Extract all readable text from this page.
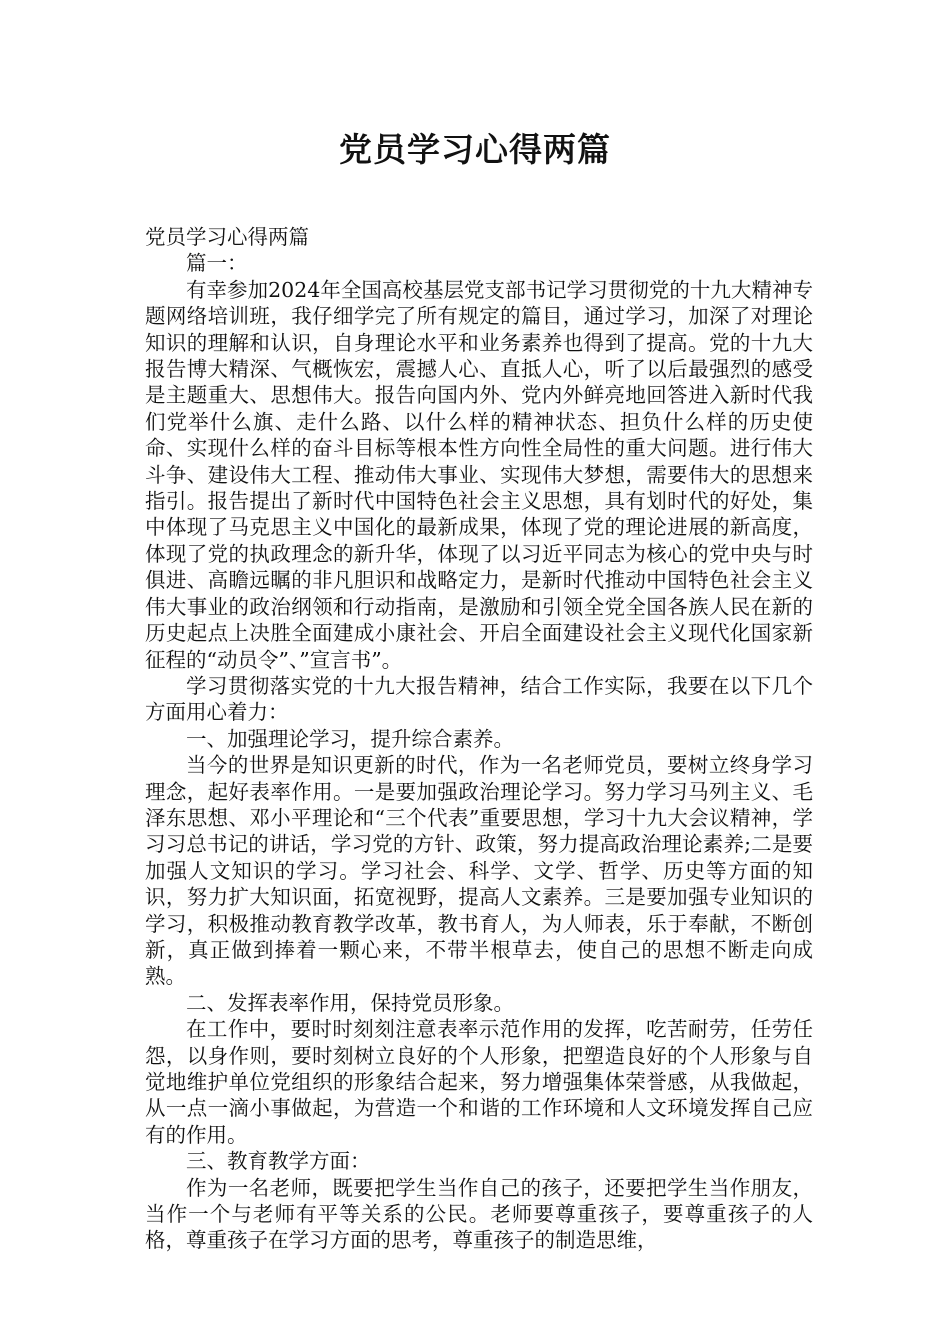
党员学习心得两篇

党员学习心得两篇

篇一：

有幸参加2024年全国高校基层党支部书记学习贯彻党的十九大精神专题网络培训班，我仔细学完了所有规定的篇目，通过学习，加深了对理论知识的理解和认识，自身理论水平和业务素养也得到了提高。党的十九大报告博大精深、气概恢宏，震撼人心、直抵人心，听了以后最强烈的感受是主题重大、思想伟大。报告向国内外、党内外鲜亮地回答进入新时代我们党举什么旗、走什么路、以什么样的精神状态、担负什么样的历史使命、实现什么样的奋斗目标等根本性方向性全局性的重大问题。进行伟大斗争、建设伟大工程、推动伟大事业、实现伟大梦想，需要伟大的思想来指引。报告提出了新时代中国特色社会主义思想，具有划时代的好处，集中体现了马克思主义中国化的最新成果，体现了党的理论进展的新高度，体现了党的执政理念的新升华，体现了以习近平同志为核心的党中央与时俱进、高瞻远瞩的非凡胆识和战略定力，是新时代推动中国特色社会主义伟大事业的政治纲领和行动指南，是激励和引领全党全国各族人民在新的历史起点上决胜全面建成小康社会、开启全面建设社会主义现代化国家新征程的“动员令”、”宣言书”。

学习贯彻落实党的十九大报告精神，结合工作实际，我要在以下几个方面用心着力：

一、加强理论学习，提升综合素养。

当今的世界是知识更新的时代，作为一名老师党员，要树立终身学习理念，起好表率作用。一是要加强政治理论学习。努力学习马列主义、毛泽东思想、邓小平理论和“三个代表”重要思想，学习十九大会议精神，学习习总书记的讲话，学习党的方针、政策，努力提高政治理论素养;二是要加强人文知识的学习。学习社会、科学、文学、哲学、历史等方面的知识，努力扩大知识面，拓宽视野，提高人文素养。三是要加强专业知识的学习，积极推动教育教学改革，教书育人，为人师表，乐于奉献，不断创新，真正做到捧着一颗心来，不带半根草去，使自己的思想不断走向成熟。

二、发挥表率作用，保持党员形象。

在工作中，要时时刻刻注意表率示范作用的发挥，吃苦耐劳，任劳任怨，以身作则，要时刻树立良好的个人形象，把塑造良好的个人形象与自觉地维护单位党组织的形象结合起来，努力增强集体荣誉感，从我做起，从一点一滴小事做起，为营造一个和谐的工作环境和人文环境发挥自己应有的作用。

三、教育教学方面：

作为一名老师，既要把学生当作自己的孩子，还要把学生当作朋友，当作一个与老师有平等关系的公民。老师要尊重孩子，要尊重孩子的人格，尊重孩子在学习方面的思考，尊重孩子的制造思维，
